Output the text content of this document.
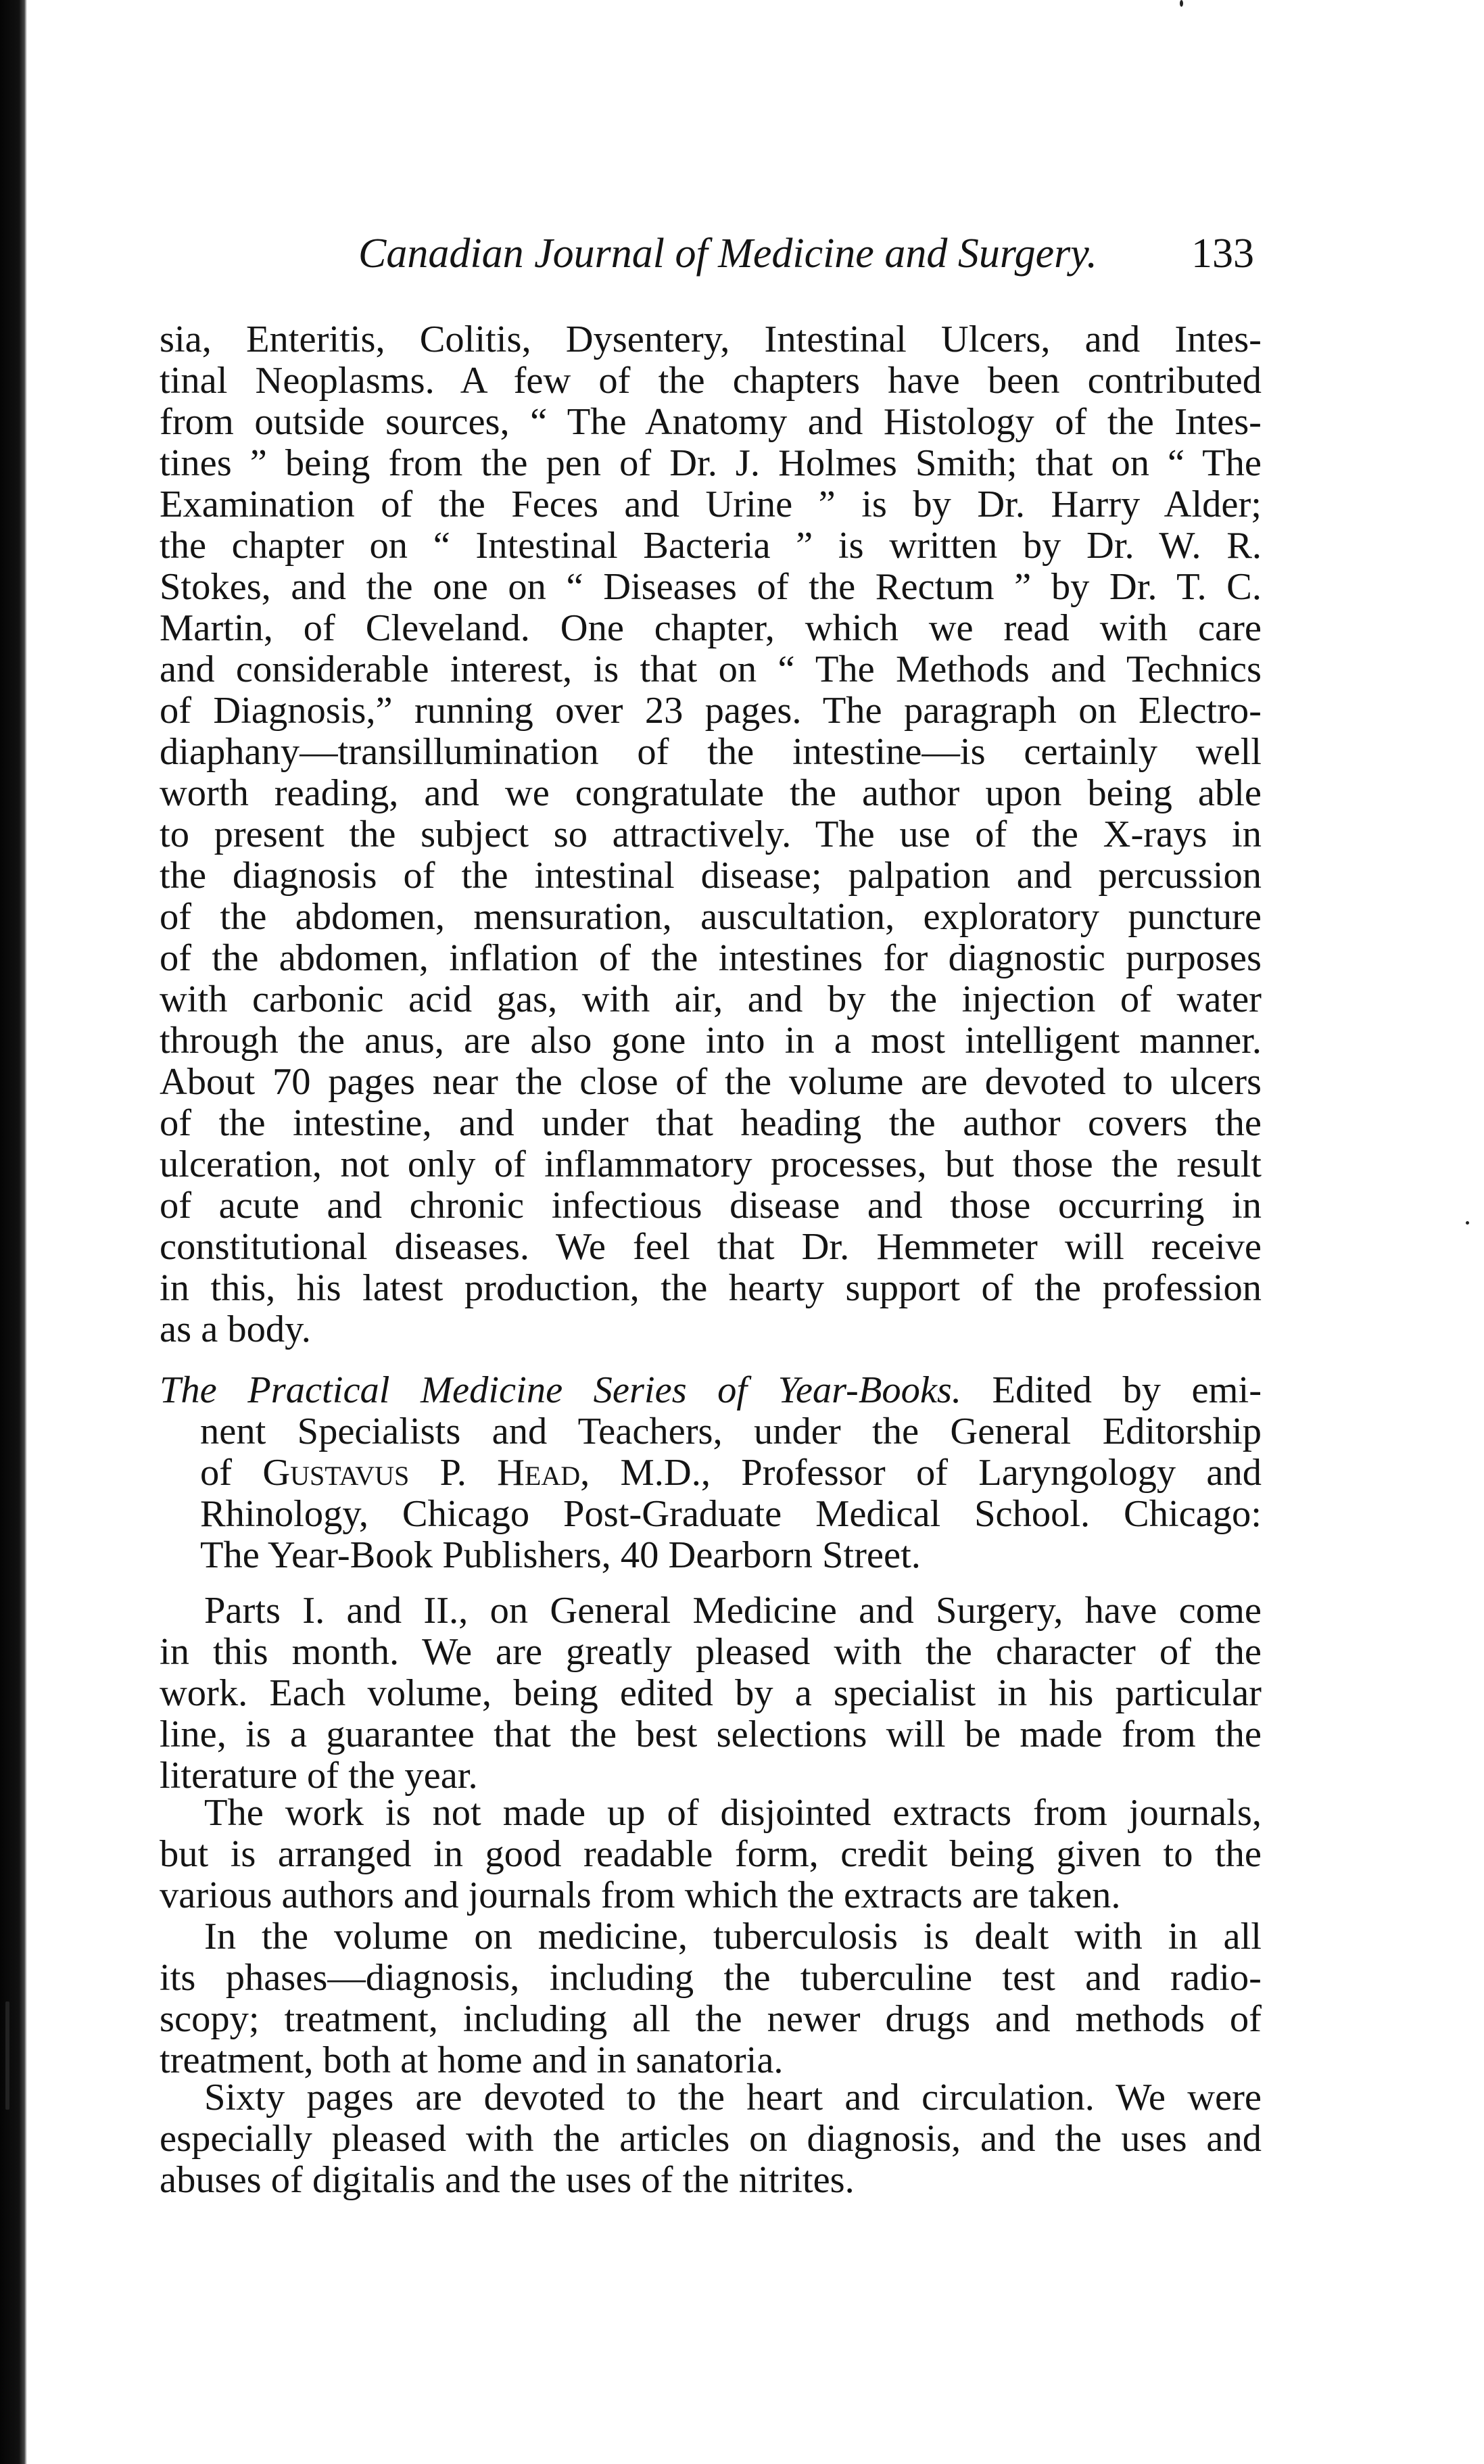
Canadian Journal of Medicine and Surgery. 133
sia, Enteritis, Colitis, Dysentery, Intestinal Ulcers, and Intes-
tinal Neoplasms. A few of the chapters have been contributed
from outside sources, “ The Anatomy and Histology of the Intes-
tines ” being from the pen of Dr. J. Holmes Smith; that on “ The
Examination of the Feces and Urine ” is by Dr. Harry Alder;
the chapter on “ Intestinal Bacteria ” is written by Dr. W. R.
Stokes, and the one on “ Diseases of the Rectum ” by Dr. T. C.
Martin, of Cleveland. One chapter, which we read with care
and considerable interest, is that on “ The Methods and Technics
of Diagnosis,” running over 23 pages. The paragraph on Electro-
diaphany—transillumination of the intestine—is certainly well
worth reading, and we congratulate the author upon being able
to present the subject so attractively. The use of the X-rays in
the diagnosis of the intestinal disease; palpation and percussion
of the abdomen, mensuration, auscultation, exploratory puncture
of the abdomen, inflation of the intestines for diagnostic purposes
with carbonic acid gas, with air, and by the injection of water
through the anus, are also gone into in a most intelligent manner.
About 70 pages near the close of the volume are devoted to ulcers
of the intestine, and under that heading the author covers the
ulceration, not only of inflammatory processes, but those the result
of acute and chronic infectious disease and those occurring in
constitutional diseases. We feel that Dr. Hemmeter will receive
in this, his latest production, the hearty support of the profession
as a body.
The Practical Medicine Series of Year-Books. Edited by emi-
nent Specialists and Teachers, under the General Editorship
of Gustavus P. Head, M.D., Professor of Laryngology and
Rhinology, Chicago Post-Graduate Medical School. Chicago:
The Year-Book Publishers, 40 Dearborn Street.
Parts I. and II., on General Medicine and Surgery, have come
in this month. We are greatly pleased with the character of the
work. Each volume, being edited by a specialist in his particular
line, is a guarantee that the best selections will be made from the
literature of the year.
The work is not made up of disjointed extracts from journals,
but is arranged in good readable form, credit being given to the
various authors and journals from which the extracts are taken.
In the volume on medicine, tuberculosis is dealt with in all
its phases—diagnosis, including the tuberculine test and radio-
scopy; treatment, including all the newer drugs and methods of
treatment, both at home and in sanatoria.
Sixty pages are devoted to the heart and circulation. We were
especially pleased with the articles on diagnosis, and the uses and
abuses of digitalis and the uses of the nitrites.
